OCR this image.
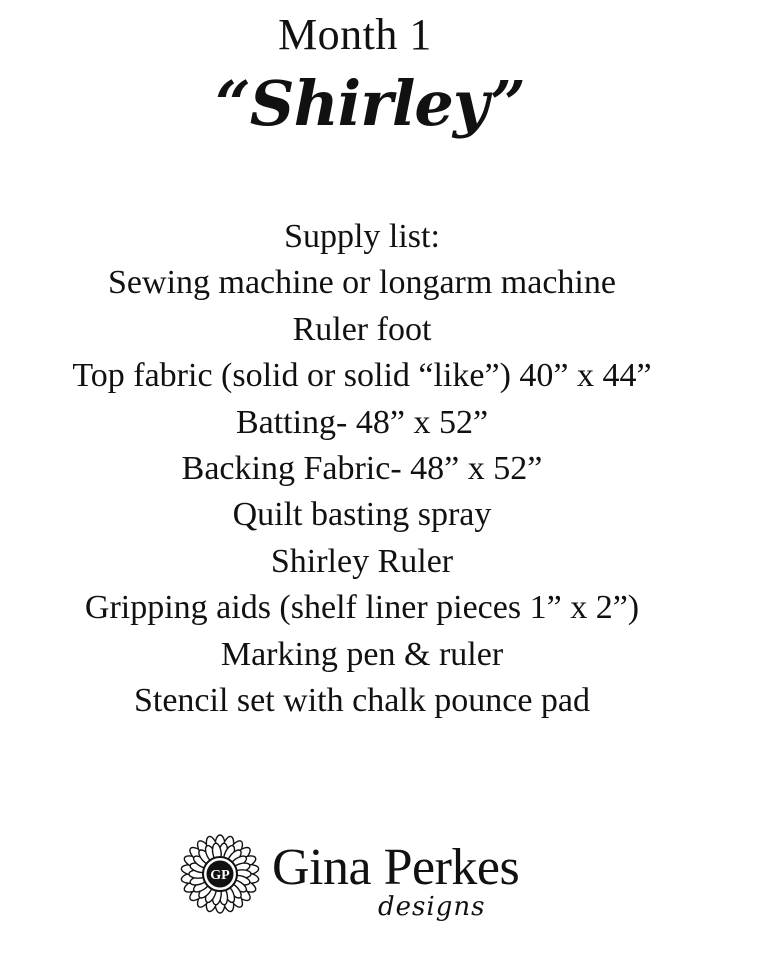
Month 1
“Shirley”
Supply list:
Sewing machine or longarm machine
Ruler foot
Top fabric (solid or solid “like”) 40” x 44”
Batting- 48” x 52”
Backing Fabric- 48” x 52”
Quilt basting spray
Shirley Ruler
Gripping aids (shelf liner pieces 1” x 2”)
Marking pen & ruler
Stencil set with chalk pounce pad
GP Gina Perkes
designs
